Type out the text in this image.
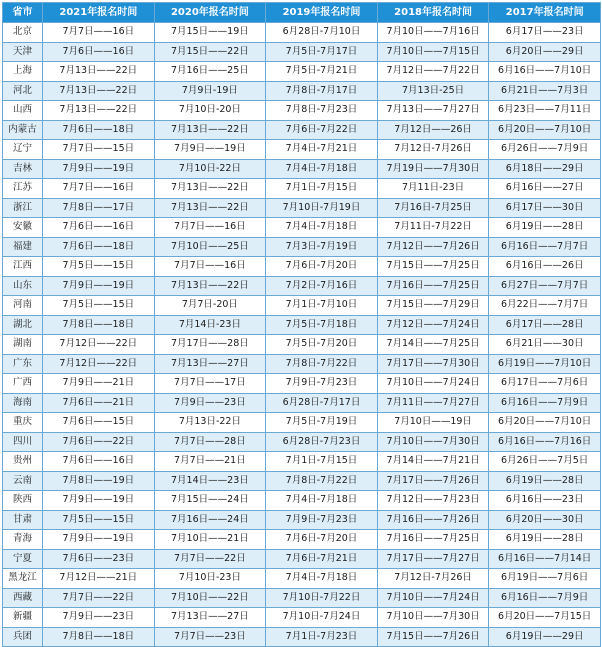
省市	2021年报名时间	2020年报名时间	2019年报名时间	2018年报名时间	2017年报名时间
北京	7月7日——16日	7月15日——19日	6月28日-7月10日	7月10日——7月16日	6月17日——23日
天津	7月6日——16日	7月15日——22日	7月5日-7月17日	7月10日——7月15日	6月20日——29日
上海	7月13日——22日	7月16日——25日	7月5日-7月21日	7月12日——7月22日	6月16日——7月10日
河北	7月13日——22日	7月9日-19日	7月8日-7月17日	7月13日-25日	6月21日——7月3日
山西	7月13日——22日	7月10日-20日	7月8日-7月23日	7月13日——7月27日	6月23日——7月11日
内蒙古	7月6日——18日	7月13日——22日	7月6日-7月22日	7月12日——26日	6月20日——7月10日
辽宁	7月7日——15日	7月9日——19日	7月4日-7月21日	7月12日-7月26日	6月26日——7月9日
吉林	7月9日——19日	7月10日-22日	7月4日-7月18日	7月19日——7月30日	6月18日——29日
江苏	7月7日——16日	7月13日——22日	7月1日-7月15日	7月11日-23日	6月16日——27日
浙江	7月8日——17日	7月13日——22日	7月10日-7月19日	7月16日-7月25日	6月17日——30日
安徽	7月6日——16日	7月7日——16日	7月4日-7月18日	7月11日-7月22日	6月19日——28日
福建	7月6日——18日	7月10日——25日	7月3日-7月19日	7月12日——7月26日	6月16日——7月7日
江西	7月5日——15日	7月7日——16日	7月6日-7月20日	7月15日——7月25日	6月16日——26日
山东	7月9日——19日	7月13日——22日	7月2日-7月16日	7月16日——7月25日	6月27日——7月7日
河南	7月5日——15日	7月7日-20日	7月1日-7月10日	7月15日——7月29日	6月22日——7月7日
湖北	7月8日——18日	7月14日-23日	7月5日-7月18日	7月12日——7月24日	6月17日——28日
湖南	7月12日——22日	7月17日——28日	7月5日-7月20日	7月14日——7月25日	6月21日——30日
广东	7月12日——22日	7月13日——27日	7月8日-7月22日	7月17日——7月30日	6月19日——7月10日
广西	7月9日——21日	7月7日——17日	7月9日-7月23日	7月10日——7月24日	6月17日——7月6日
海南	7月6日——21日	7月9日——23日	6月28日-7月17日	7月11日——7月27日	6月16日——7月9日
重庆	7月6日——15日	7月13日-22日	7月5日-7月19日	7月10日——19日	6月20日——7月10日
四川	7月6日——22日	7月7日——28日	6月28日-7月23日	7月10日——7月30日	6月16日——7月16日
贵州	7月6日——16日	7月7日——21日	7月1日-7月15日	7月14日——7月21日	6月26日——7月5日
云南	7月8日——19日	7月14日——23日	7月8日-7月22日	7月17日——7月26日	6月19日——28日
陕西	7月9日——19日	7月15日——24日	7月4日-7月18日	7月12日——7月23日	6月16日——23日
甘肃	7月5日——15日	7月16日——24日	7月9日-7月23日	7月16日——7月26日	6月20日——30日
青海	7月9日——19日	7月10日——21日	7月6日-7月20日	7月16日——7月25日	6月19日——28日
宁夏	7月6日——23日	7月7日——22日	7月6日-7月21日	7月17日——7月27日	6月16日——7月14日
黑龙江	7月12日——21日	7月10日-23日	7月4日-7月18日	7月12日-7月26日	6月19日——7月6日
西藏	7月7日——22日	7月10日——22日	7月10日-7月22日	7月10日——7月24日	6月16日——7月9日
新疆	7月9日——23日	7月13日——27日	7月10日-7月24日	7月10日——7月30日	6月20日——7月15日
兵团	7月8日——18日	7月7日——23日	7月1日-7月23日	7月15日——7月26日	6月19日——29日
